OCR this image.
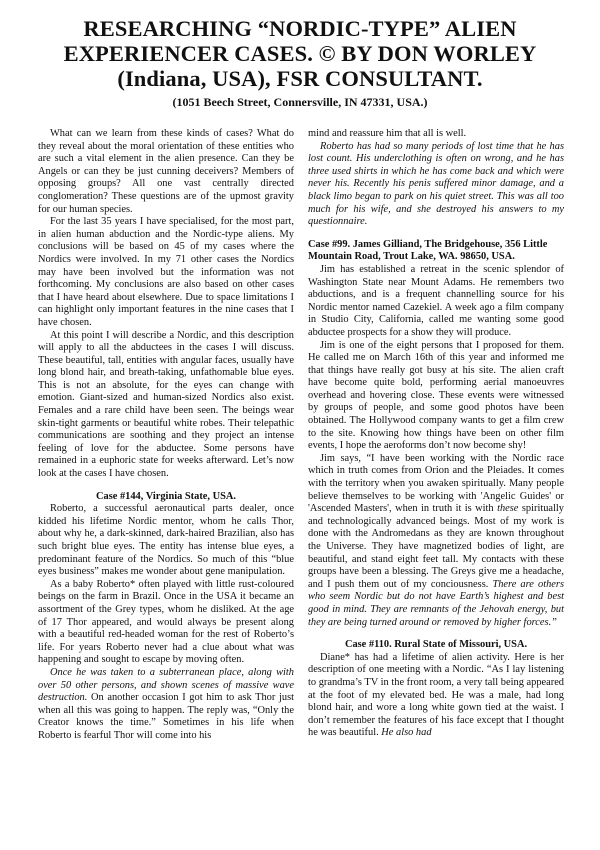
RESEARCHING “NORDIC-TYPE” ALIEN
EXPERIENCER CASES. © BY DON WORLEY
(Indiana, USA), FSR CONSULTANT.
(1051 Beech Street, Connersville, IN 47331, USA.)

What can we learn from these kinds of cases? What do they reveal about the moral orientation of these entities who are such a vital element in the alien presence. Can they be Angels or can they be just cunning deceivers? Members of opposing groups? All one vast centrally directed conglomeration? These questions are of the upmost gravity for our human species.

For the last 35 years I have specialised, for the most part, in alien human abduction and the Nordic-type aliens. My conclusions will be based on 45 of my cases where the Nordics were involved. In my 71 other cases the Nordics may have been involved but the information was not forthcoming. My conclusions are also based on other cases that I have heard about elsewhere. Due to space limitations I can highlight only important features in the nine cases that I have chosen.

At this point I will describe a Nordic, and this description will apply to all the abductees in the cases I will discuss. These beautiful, tall, entities with angular faces, usually have long blond hair, and breath-taking, unfathomable blue eyes. This is not an absolute, for the eyes can change with emotion. Giant-sized and human-sized Nordics also exist. Females and a rare child have been seen. The beings wear skin-tight garments or beautiful white robes. Their telepathic communications are soothing and they project an intense feeling of love for the abductee. Some persons have remained in a euphoric state for weeks afterward. Let’s now look at the cases I have chosen.

Case #144, Virginia State, USA.

Roberto, a successful aeronautical parts dealer, once kidded his lifetime Nordic mentor, whom he calls Thor, about why he, a dark-skinned, dark-haired Brazilian, also has such bright blue eyes. The entity has intense blue eyes, a predominant feature of the Nordics. So much of this “blue eyes business” makes me wonder about gene manipulation.

As a baby Roberto* often played with little rust-coloured beings on the farm in Brazil. Once in the USA it became an assortment of the Grey types, whom he disliked. At the age of 17 Thor appeared, and would always be present along with a beautiful red-headed woman for the rest of Roberto’s life. For years Roberto never had a clue about what was happening and sought to escape by moving often.

Once he was taken to a subterranean place, along with over 50 other persons, and shown scenes of massive wave destruction. On another occasion I got him to ask Thor just when all this was going to happen. The reply was, “Only the Creator knows the time.” Sometimes in his life when Roberto is fearful Thor will come into his

mind and reassure him that all is well.

Roberto has had so many periods of lost time that he has lost count. His underclothing is often on wrong, and he has three used shirts in which he has come back and which were never his. Recently his penis suffered minor damage, and a black limo began to park on his quiet street. This was all too much for his wife, and she destroyed his answers to my questionnaire.

Case #99. James Gilliand, The Bridgehouse, 356 Little Mountain Road, Trout Lake, WA. 98650, USA.

Jim has established a retreat in the scenic splendor of Washington State near Mount Adams. He remembers two abductions, and is a frequent channelling source for his Nordic mentor named Cazekiel. A week ago a film company in Studio City, California, called me wanting some good abductee prospects for a show they will produce.

Jim is one of the eight persons that I proposed for them. He called me on March 16th of this year and informed me that things have really got busy at his site. The alien craft have become quite bold, performing aerial manoeuvres overhead and hovering close. These events were witnessed by groups of people, and some good photos have been obtained. The Hollywood company wants to get a film crew to the site. Knowing how things have been on other film events, I hope the aeroforms don’t now become shy!

Jim says, “I have been working with the Nordic race which in truth comes from Orion and the Pleiades. It comes with the territory when you awaken spiritually. Many people believe themselves to be working with 'Angelic Guides' or 'Ascended Masters', when in truth it is with these spiritually and technologically advanced beings. Most of my work is done with the Andromedans as they are known throughout the Universe. They have magnetized bodies of light, are beautiful, and stand eight feet tall. My contacts with these groups have been a blessing. The Greys give me a headache, and I push them out of my conciousness. There are others who seem Nordic but do not have Earth’s highest and best good in mind. They are remnants of the Jehovah energy, but they are being turned around or removed by higher forces.”

Case #110. Rural State of Missouri, USA.

Diane* has had a lifetime of alien activity. Here is her description of one meeting with a Nordic. “As I lay listening to grandma’s TV in the front room, a very tall being appeared at the foot of my elevated bed. He was a male, had long blond hair, and wore a long white gown tied at the waist. I don’t remember the features of his face except that I thought he was beautiful. He also had
